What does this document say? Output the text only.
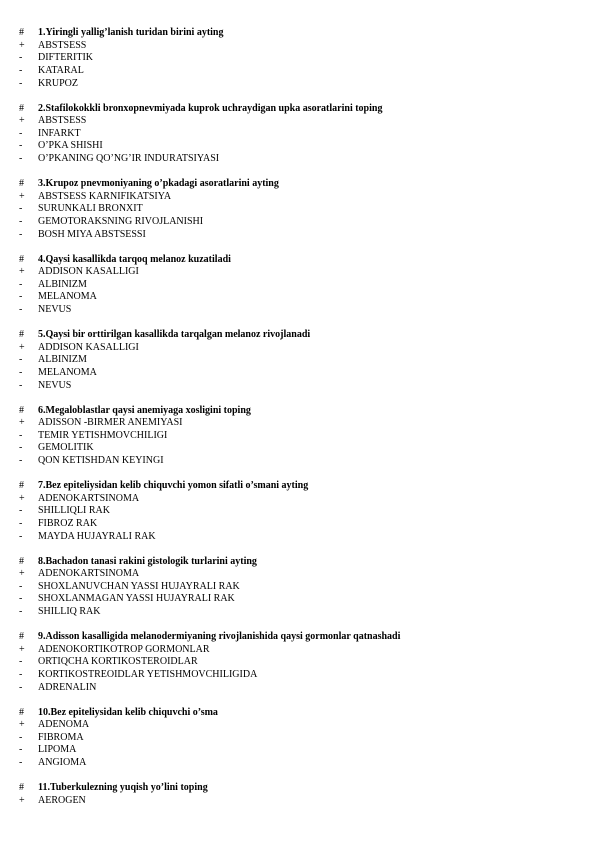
#	1.Yiringli yallig’lanish turidan birini ayting
+	ABSTSESS
-	DIFTERITIK
-	KATARAL
-	KRUPOZ
#	2.Stafilokokkli bronxopnevmiyada kuprok uchraydigan upka asoratlarini toping
+	ABSTSESS
-	INFARKT
-	O’PKA SHISHI
-	O’PKANING QO’NG’IR INDURATSIYASI
#	3.Krupoz pnevmoniyaning o’pkadagi asoratlarini ayting
+	ABSTSESS KARNIFIKATSIYA
-	SURUNKALI BRONXIT
-	GEMOTORAKSNING RIVOJLANISHI
-	BOSH MIYA ABSTSESSI
#	4.Qaysi kasallikda tarqoq melanoz kuzatiladi
+	ADDISON KASALLIGI
-	ALBINIZM
-	MELANOMA
-	NEVUS
#	5.Qaysi bir orttirilgan kasallikda tarqalgan melanoz rivojlanadi
+	ADDISON KASALLIGI
-	ALBINIZM
-	MELANOMA
-	NEVUS
#	6.Megaloblastlar qaysi anemiyaga xosligini toping
+	ADISSON -BIRMER ANEMIYASI
-	TEMIR YETISHMOVCHILIGI
-	GEMOLITIK
-	QON KETISHDAN KEYINGI
#	7.Bez epiteliysidan kelib chiquvchi yomon sifatli o’smani ayting
+	ADENOKARTSINOMA
-	SHILLIQLI RAK
-	FIBROZ RAK
-	MAYDA HUJAYRALI RAK
#	8.Bachadon tanasi rakini gistologik turlarini ayting
+	ADENOKARTSINOMA
-	SHOXLANUVCHAN YASSI HUJAYRALI RAK
-	SHOXLANMAGAN YASSI HUJAYRALI RAK
-	SHILLIQ RAK
#	9.Adisson kasalligida melanodermiyaning rivojlanishida qaysi gormonlar qatnashadi
+	ADENOKORTIKOTROP GORMONLAR
-	ORTIQCHA KORTIKOSTEROIDLAR
-	KORTIKOSTREOIDLAR YETISHMOVCHILIGIDA
-	ADRENALIN
#	10.Bez epiteliysidan kelib chiquvchi o’sma
+	ADENOMA
-	FIBROMA
-	LIPOMA
-	ANGIOMA
#	11.Tuberkulezning yuqish yo’lini toping
+	AEROGEN
